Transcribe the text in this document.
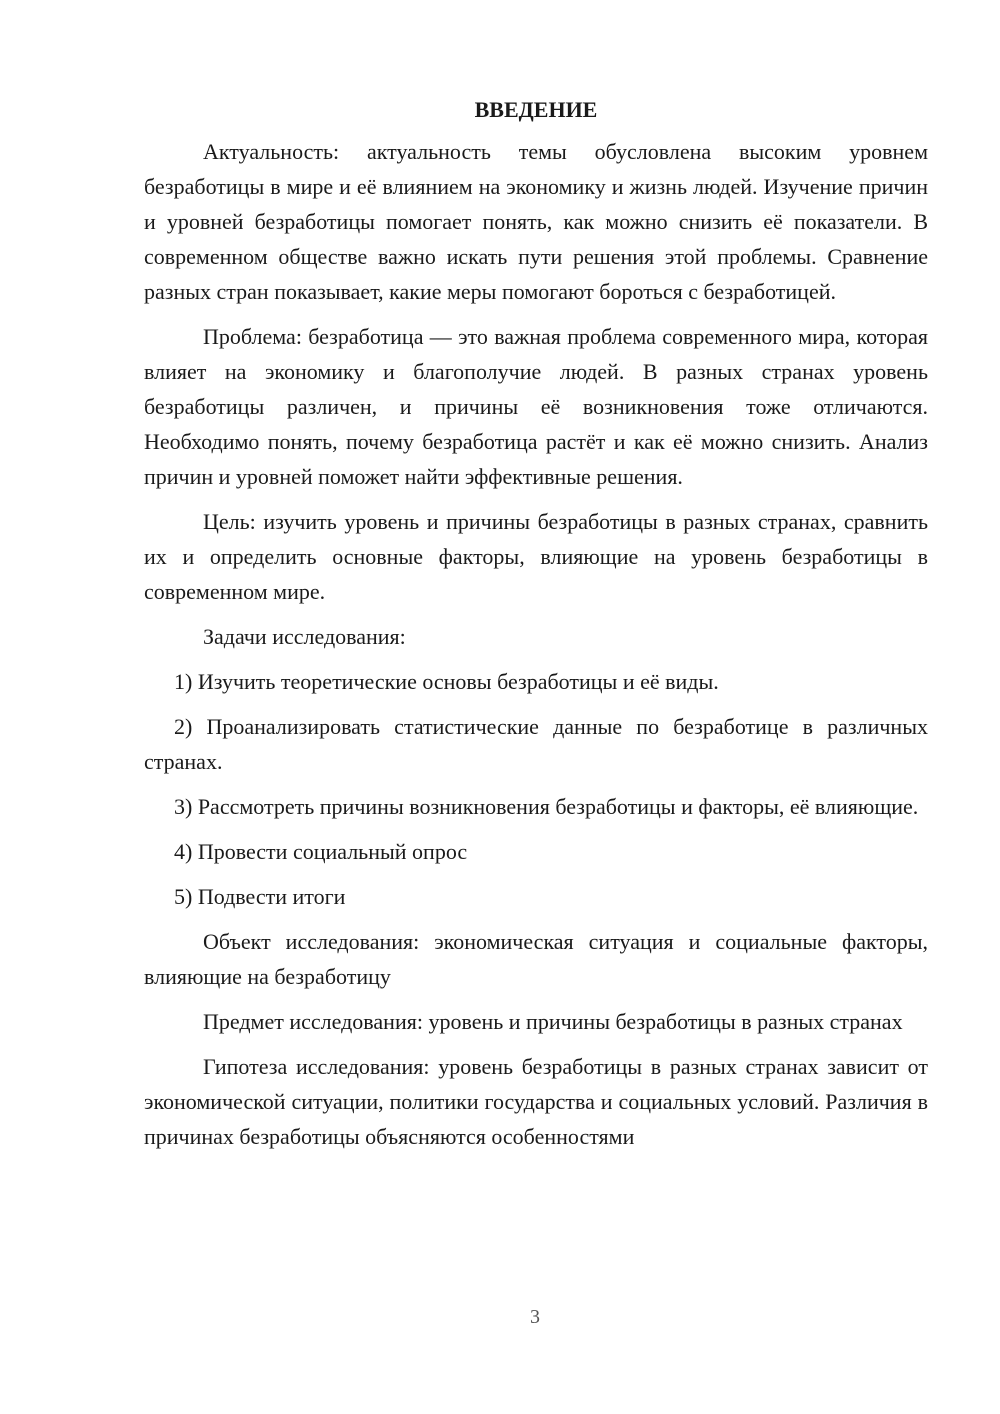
ВВЕДЕНИЕ

Актуальность: актуальность темы обусловлена высоким уровнем безработицы в мире и её влиянием на экономику и жизнь людей. Изучение причин и уровней безработицы помогает понять, как можно снизить её показатели. В современном обществе важно искать пути решения этой проблемы. Сравнение разных стран показывает, какие меры помогают бороться с безработицей.

Проблема: безработица — это важная проблема современного мира, которая влияет на экономику и благополучие людей. В разных странах уровень безработицы различен, и причины её возникновения тоже отличаются. Необходимо понять, почему безработица растёт и как её можно снизить. Анализ причин и уровней поможет найти эффективные решения.

Цель: изучить уровень и причины безработицы в разных странах, сравнить их и определить основные факторы, влияющие на уровень безработицы в современном мире.

Задачи исследования:

1) Изучить теоретические основы безработицы и её виды.

2) Проанализировать статистические данные по безработице в различных странах.

3) Рассмотреть причины возникновения безработицы и факторы, её влияющие.

4) Провести социальный опрос

5) Подвести итоги

Объект исследования: экономическая ситуация и социальные факторы, влияющие на безработицу

Предмет исследования: уровень и причины безработицы в разных странах

Гипотеза исследования: уровень безработицы в разных странах зависит от экономической ситуации, политики государства и социальных условий. Различия в причинах безработицы объясняются особенностями

3
